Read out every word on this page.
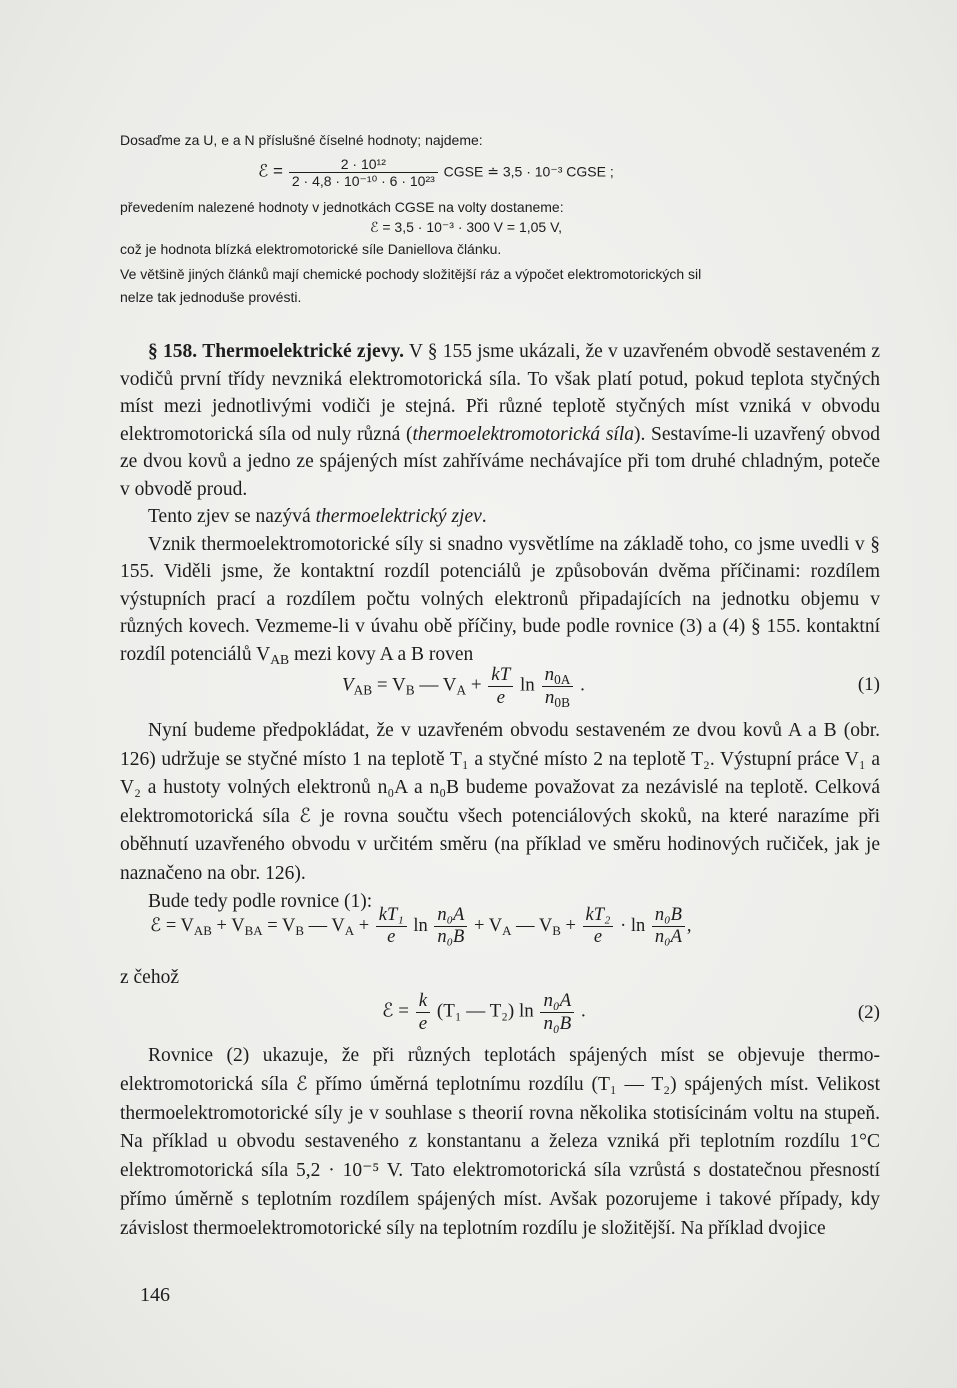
Dosaďme za U, e a N příslušné číselné hodnoty; najdeme:
ℰ = $\frac{\text{2 · 10¹²}}{\text{2 · 4,8 · 10⁻¹⁰ · 6 · 10²³}}$ CGSE ≐ 3,5 · 10⁻³ CGSE ;
převedením nalezené hodnoty v jednotkách CGSE na volty dostaneme:
ℰ = 3,5 · 10⁻³ · 300 V = 1,05 V,
což je hodnota blízká elektromotorické síle Daniellova článku.
Ve většině jiných článků mají chemické pochody složitější ráz a výpočet elektromotorických sil
nelze tak jednoduše provésti.

§ 158. Thermoelektrické zjevy. V § 155 jsme ukázali, že v uzavřeném obvodě sestaveném z vodičů první třídy nevzniká elektromotorická síla. To však platí potud, pokud teplota styčných míst mezi jednotlivými vodiči je stejná. Při různé teplotě styčných míst vzniká v obvodu elektromotorická síla od nuly různá (thermoelektromotorická síla). Sestavíme-li uzavřený obvod ze dvou kovů a jedno ze spájených míst zahříváme nechávajíce při tom druhé chladným, poteče v obvodě proud.

Tento zjev se nazývá thermoelektrický zjev.

Vznik thermoelektromotorické síly si snadno vysvětlíme na základě toho, co jsme uvedli v § 155. Viděli jsme, že kontaktní rozdíl potenciálů je způsobován dvěma příčinami: rozdílem výstupních prací a rozdílem počtu volných elektronů připadajících na jednotku objemu v různých kovech. Vezmeme-li v úvahu obě příčiny, bude podle rovnice (3) a (4) § 155. kontaktní rozdíl potenciálů $V_{AB}$ mezi kovy A a B roven

$V_{AB} = V_B$ — $V_A + \frac{kT}{e}$ $\ln \frac{n_{0A}}{n_{0B}}$ .	(1)

Nyní budeme předpokládat, že v uzavřeném obvodu sestaveném ze dvou kovů A a B (obr. 126) udržuje se styčné místo 1 na teplotě T₁ a styčné místo 2 na teplotě T₂. Výstupní práce V₁ a V₂ a hustoty volných elektronů n₀A a n₀B budeme považovat za nezávislé na teplotě. Celková elektromotorická síla ℰ je rovna součtu všech potenciálových skoků, na které narazíme při oběhnutí uzavřeného obvodu v určitém směru (na příklad ve směru hodinových ručiček, jak je naznačeno na obr. 126).

Bude tedy podle rovnice (1):

ℰ = $V_{AB} + V_{BA} = V_B$ — $V_A + \frac{\text{kT₁}}{e}$ $\ln \frac{\text{n₀A}}{\text{n₀B}} + V_A$ — $V_B + \frac{\text{kT₂}}{e} \cdot \ln \frac{\text{n₀B}}{\text{n₀A}}$ ,
z čehož
ℰ = $\frac{k}{e} (T_1$ — T₂) $\ln \frac{\text{n₀A}}{\text{n₀B}}$ .	(2)

Rovnice (2) ukazuje, že při různých teplotách spájených míst se objevuje thermoelektromotorická síla ℰ přímo úměrná teplotnímu rozdílu (T₁ — T₂) spájených míst. Velikost thermoelektromotorické síly je v souhlase s theorií rovna několika stotisícinám voltu na stupeň. Na příklad u obvodu sestaveného z konstantanu a železa vzniká při teplotním rozdílu 1°C elektromotorická síla 5,2 · 10⁻⁵ V. Tato elektromotorická síla vzrůstá s dostatečnou přesností přímo úměrně s teplotním rozdílem spájených míst. Avšak pozorujeme i takové případy, kdy závislost thermoelektromotorické síly na teplotním rozdílu je složitější. Na příklad dvojice

146
